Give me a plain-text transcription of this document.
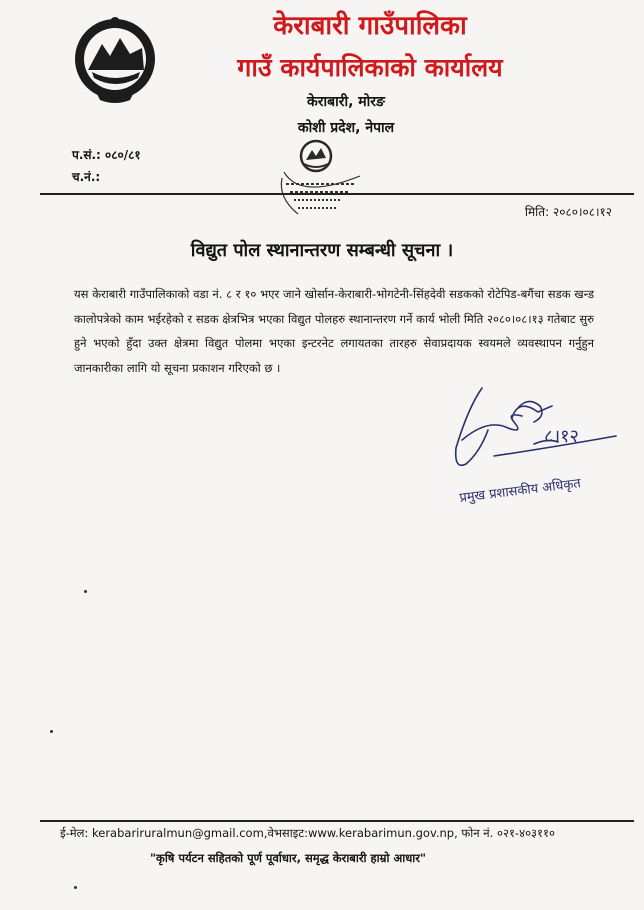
केराबारी गाउँपालिका
गाउँ कार्यपालिकाको कार्यालय
केराबारी, मोरङ
कोशी प्रदेश, नेपाल
प.सं.: ०८०/८१
च.नं.:
मिति: २०८०।०८।१२
विद्युत पोल स्थानान्तरण सम्बन्धी सूचना ।
यस केराबारी गाउँपालिकाको वडा नं. ८ र १० भएर जाने खोर्सान-केराबारी-भोगटेनी-सिंहदेवी सडकको रोटेपिड-बगैंचा सडक खन्ड कालोपत्रेको काम भईरहेको र सडक क्षेत्रभित्र भएका विद्युत पोलहरु स्थानान्तरण गर्ने कार्य भोली मिति २०८०।०८।१३ गतेबाट सुरु हुने भएको हुँदा उक्त क्षेत्रमा विद्युत पोलमा भएका इन्टरनेट लगायतका तारहरु सेवाप्रदायक स्वयमले व्यवस्थापन गर्नुहुन जानकारीका लागि यो सूचना प्रकाशन गरिएको छ ।
८।१२
प्रमुख प्रशासकीय अधिकृत
ई-मेल: kerabariruralmun@gmail.com,वेभसाइट:www.kerabarimun.gov.np, फोन नं. ०२१-४०३११०
"कृषि पर्यटन सहितको पूर्ण पूर्वाधार, समृद्ध केराबारी हाम्रो आधार"
